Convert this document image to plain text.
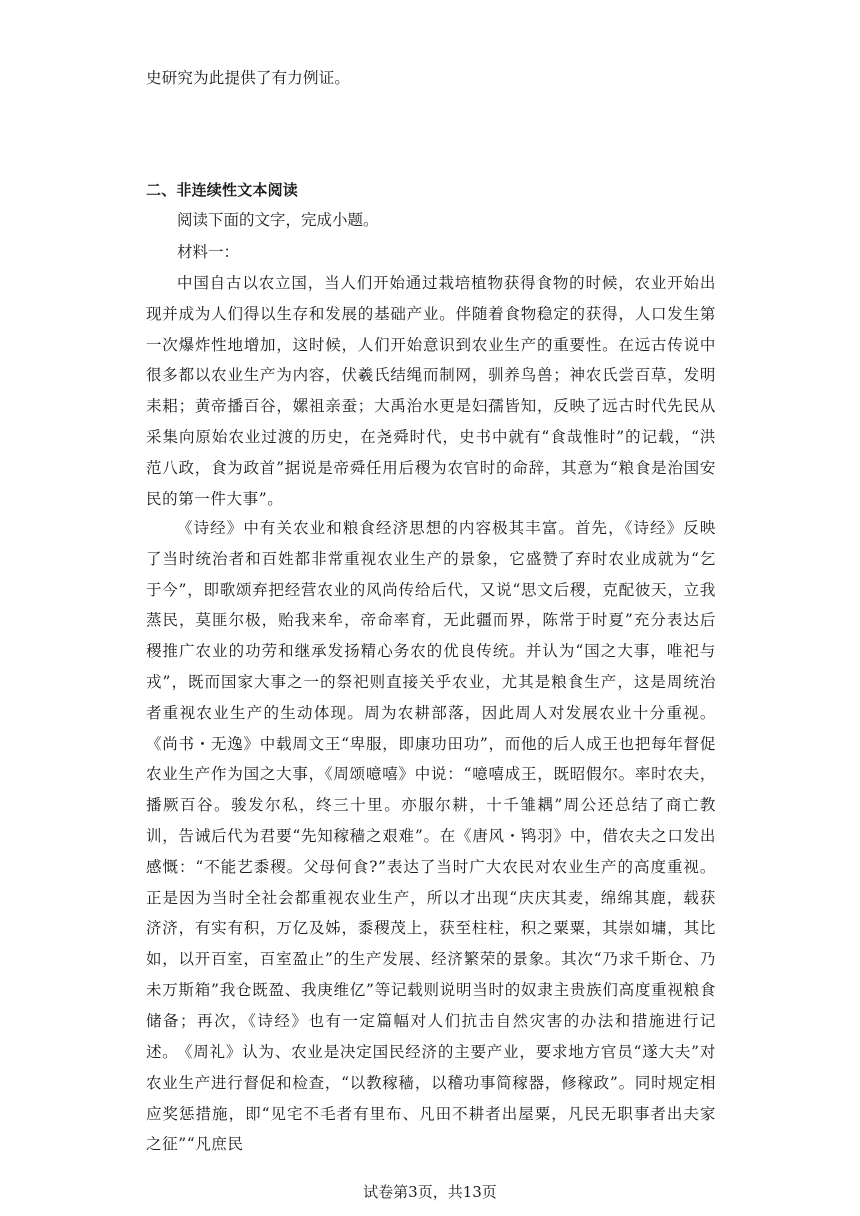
史研究为此提供了有力例证。
二、非连续性文本阅读
阅读下面的文字，完成小题。
材料一：

中国自古以农立国，当人们开始通过栽培植物获得食物的时候，农业开始出现并成为人们得以生存和发展的基础产业。伴随着食物稳定的获得，人口发生第一次爆炸性地增加，这时候，人们开始意识到农业生产的重要性。在远古传说中很多都以农业生产为内容，伏羲氏结绳而制网，驯养鸟兽；神农氏尝百草，发明耒耜；黄帝播百谷，嫘祖亲蚕；大禹治水更是妇孺皆知，反映了远古时代先民从采集向原始农业过渡的历史，在尧舜时代，史书中就有“食哉惟时”的记载，“洪范八政，食为政首”据说是帝舜任用后稷为农官时的命辞，其意为“粮食是治国安民的第一件大事”。

《诗经》中有关农业和粮食经济思想的内容极其丰富。首先，《诗经》反映了当时统治者和百姓都非常重视农业生产的景象，它盛赞了弃时农业成就为“乞于今”，即歌颂弃把经营农业的风尚传给后代，又说“思文后稷，克配彼天，立我蒸民，莫匪尔极，贻我来牟，帝命率育，无此疆而界，陈常于时夏”充分表达后稷推广农业的功劳和继承发扬精心务农的优良传统。并认为“国之大事，唯祀与戎”，既而国家大事之一的祭祀则直接关乎农业，尤其是粮食生产，这是周统治者重视农业生产的生动体现。周为农耕部落，因此周人对发展农业十分重视。《尚书・无逸》中载周文王“卑服，即康功田功”，而他的后人成王也把每年督促农业生产作为国之大事，《周颂噫嘻》中说：“噫嘻成王，既昭假尔。率时农夫，播厥百谷。骏发尔私，终三十里。亦服尔耕，十千雏耦”周公还总结了商亡教训，告诫后代为君要“先知稼穑之艰难”。在《唐风・鸨羽》中，借农夫之口发出感慨：“不能艺黍稷。父母何食?”表达了当时广大农民对农业生产的高度重视。正是因为当时全社会都重视农业生产，所以才出现“庆庆其麦，绵绵其鹿，载获济济，有实有积，万亿及姊，黍稷茂上，获至柱柱，积之粟粟，其崇如墉，其比如，以开百室，百室盈止”的生产发展、经济繁荣的景象。其次“乃求千斯仓、乃未万斯箱”我仓既盈、我庚维亿”等记载则说明当时的奴隶主贵族们高度重视粮食储备；再次，《诗经》也有一定篇幅对人们抗击自然灾害的办法和措施进行记述。

《周礼》认为、农业是决定国民经济的主要产业，要求地方官员“遂大夫”对农业生产进行督促和检查，“以教稼穑，以稽功事简稼器，修稼政”。同时规定相应奖惩措施，即“见宅不毛者有里布、凡田不耕者出屋粟，凡民无职事者出夫家之征”“凡庶民

试卷第3页，共13页
